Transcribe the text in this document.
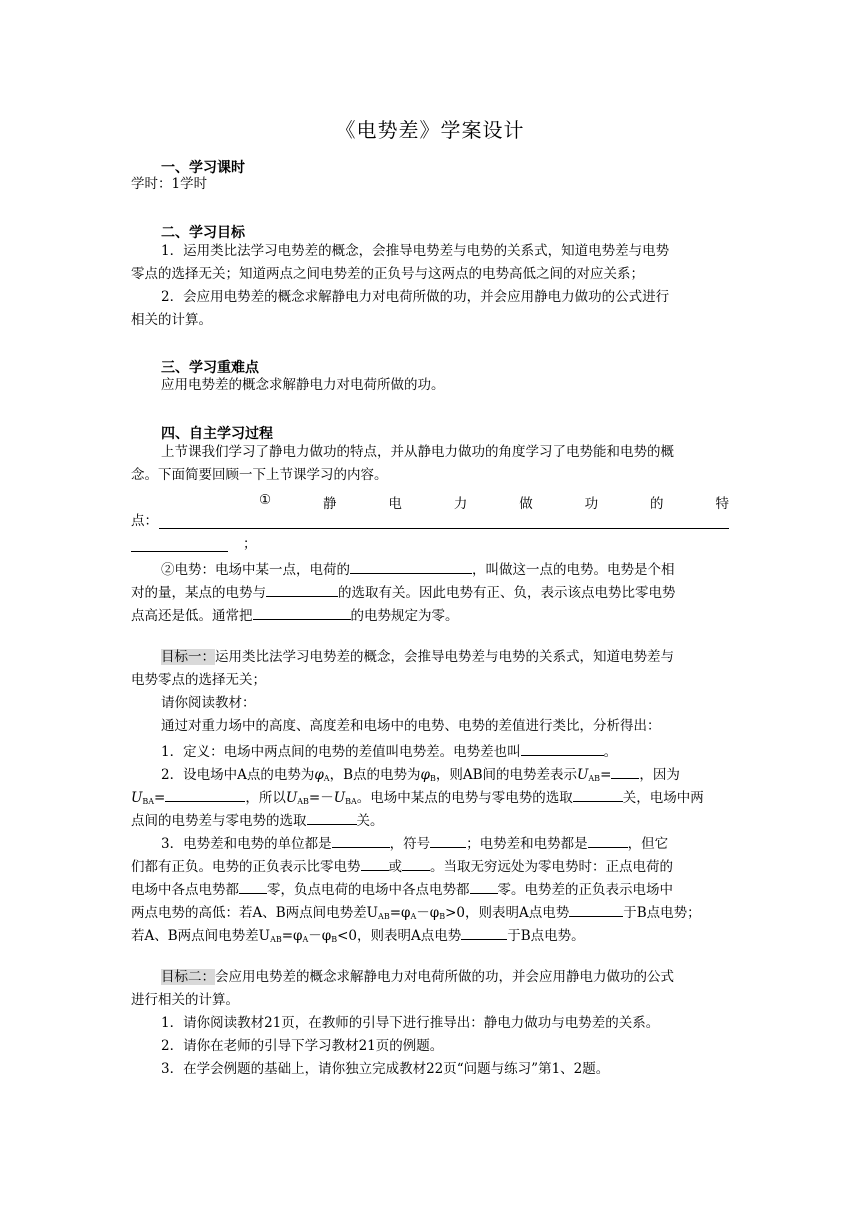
《电势差》学案设计
一、学习课时
学时：1学时
二、学习目标
1．运用类比法学习电势差的概念，会推导电势差与电势的关系式，知道电势差与电势
零点的选择无关；知道两点之间电势差的正负号与这两点的电势高低之间的对应关系；
2．会应用电势差的概念求解静电力对电荷所做的功，并会应用静电力做功的公式进行
相关的计算。
三、学习重难点
应用电势差的概念求解静电力对电荷所做的功。
四、自主学习过程
上节课我们学习了静电力做功的特点，并从静电力做功的角度学习了电势能和电势的概
念。下面简要回顾一下上节课学习的内容。
①	静	电	力	做	功	的	特
点：
；
②电势：电场中某一点，电荷的	，叫做这一点的电势。电势是个相
对的量，某点的电势与	的选取有关。因此电势有正、负，表示该点电势比零电势
点高还是低。通常把	的电势规定为零。
目标一：运用类比法学习电势差的概念，会推导电势差与电势的关系式，知道电势差与
电势零点的选择无关；
请你阅读教材：
通过对重力场中的高度、高度差和电场中的电势、电势的差值进行类比，分析得出：
1．定义：电场中两点间的电势的差值叫电势差。电势差也叫	。
2．设电场中A点的电势为$\varphi_A$，B点的电势为$\varphi_B$，则AB间的电势差表示$U_{AB}=$ ，因为
$U_{BA}=$	，所以$U_{AB}=-U_{BA}$。电场中某点的电势与零电势的选取	关，电场中两
点间的电势差与零电势的选取	关。
3．电势差和电势的单位都是	，符号	；电势差和电势都是	，但它
们都有正负。电势的正负表示比零电势 或 。当取无穷远处为零电势时：正点电荷的
电场中各点电势都 零，负点电荷的电场中各点电势都 零。电势差的正负表示电场中
两点电势的高低：若A、B两点间电势差$U_{AB}=\varphi_A-\varphi_B>0$，则表明A点电势	于B点电势；
若A、B两点间电势差$U_{AB}=\varphi_A-\varphi_B<0$，则表明A点电势	于B点电势。
目标二：会应用电势差的概念求解静电力对电荷所做的功，并会应用静电力做功的公式
进行相关的计算。
1．请你阅读教材21页，在教师的引导下进行推导出：静电力做功与电势差的关系。
2．请你在老师的引导下学习教材21页的例题。
3．在学会例题的基础上，请你独立完成教材22页“问题与练习”第1、2题。
